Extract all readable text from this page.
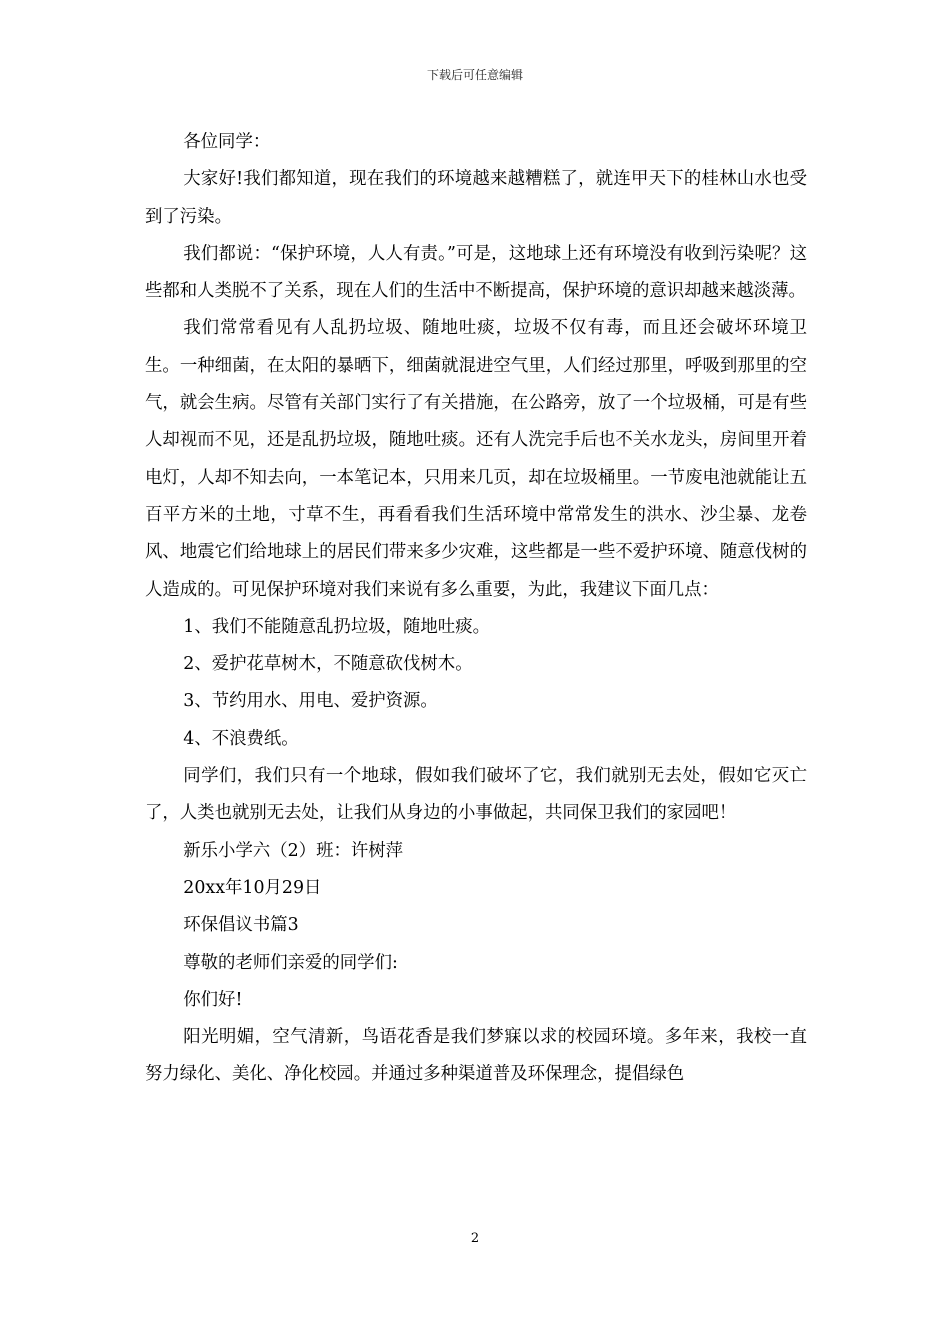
下载后可任意编辑

各位同学：

大家好!我们都知道，现在我们的环境越来越糟糕了，就连甲天下的桂林山水也受到了污染。

我们都说：“保护环境，人人有责。”可是，这地球上还有环境没有收到污染呢？这些都和人类脱不了关系，现在人们的生活中不断提高，保护环境的意识却越来越淡薄。

我们常常看见有人乱扔垃圾、随地吐痰，垃圾不仅有毒，而且还会破坏环境卫生。一种细菌，在太阳的暴晒下，细菌就混进空气里，人们经过那里，呼吸到那里的空气，就会生病。尽管有关部门实行了有关措施，在公路旁，放了一个垃圾桶，可是有些人却视而不见，还是乱扔垃圾，随地吐痰。还有人洗完手后也不关水龙头，房间里开着电灯，人却不知去向，一本笔记本，只用来几页，却在垃圾桶里。一节废电池就能让五百平方米的土地，寸草不生，再看看我们生活环境中常常发生的洪水、沙尘暴、龙卷风、地震它们给地球上的居民们带来多少灾难，这些都是一些不爱护环境、随意伐树的人造成的。可见保护环境对我们来说有多么重要，为此，我建议下面几点：

1、我们不能随意乱扔垃圾，随地吐痰。

2、爱护花草树木，不随意砍伐树木。

3、节约用水、用电、爱护资源。

4、不浪费纸。

同学们，我们只有一个地球，假如我们破坏了它，我们就别无去处，假如它灭亡了，人类也就别无去处，让我们从身边的小事做起，共同保卫我们的家园吧！

新乐小学六（2）班：许树萍

20xx年10月29日

环保倡议书篇3

尊敬的老师们亲爱的同学们:

你们好!

阳光明媚，空气清新，鸟语花香是我们梦寐以求的校园环境。多年来，我校一直努力绿化、美化、净化校园。并通过多种渠道普及环保理念，提倡绿色

2
